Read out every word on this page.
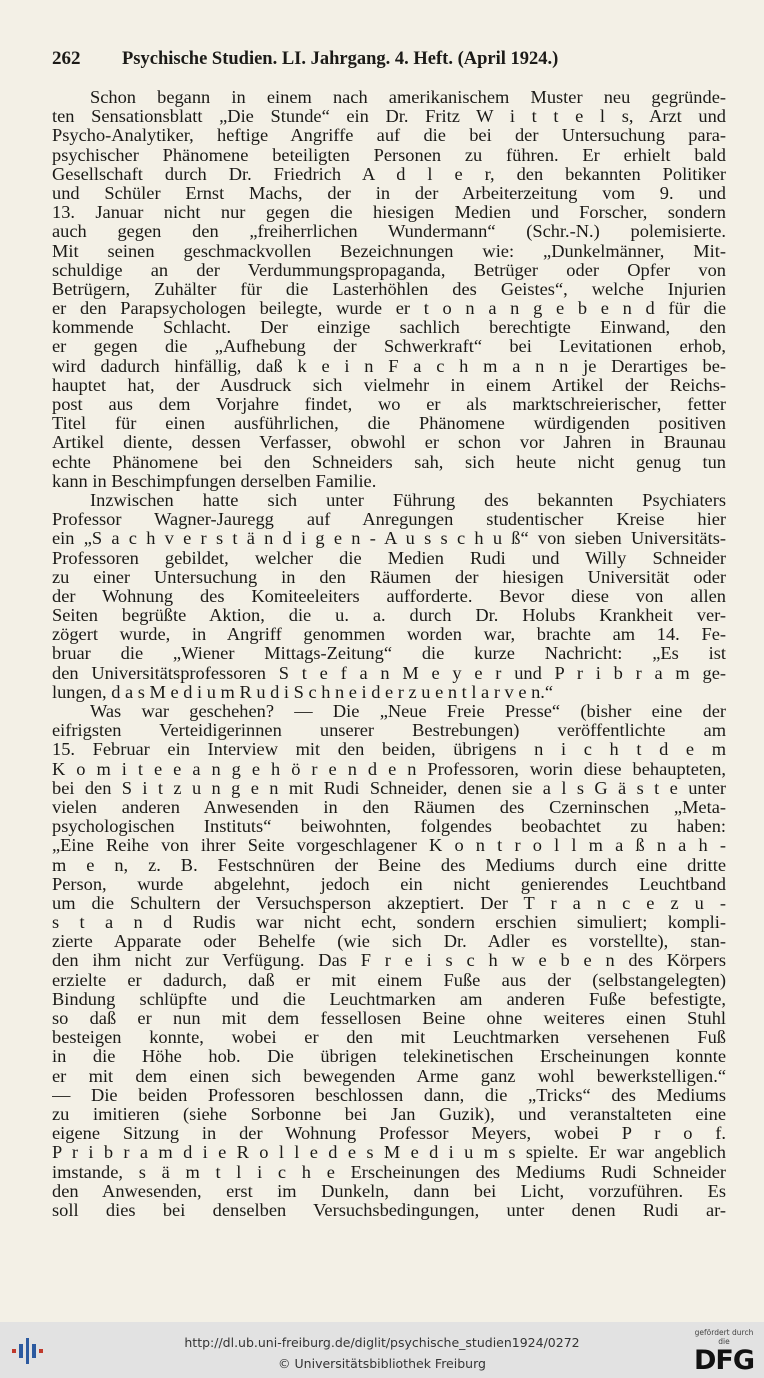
262	Psychische Studien. LI. Jahrgang. 4. Heft. (April 1924.)
Schon begann in einem nach amerikanischem Muster neu gegründe-
ten Sensationsblatt „Die Stunde“ ein Dr. Fritz W i t t e l s, Arzt und
Psycho-Analytiker, heftige Angriffe auf die bei der Untersuchung para-
psychischer Phänomene beteiligten Personen zu führen. Er erhielt bald
Gesellschaft durch Dr. Friedrich A d l e r, den bekannten Politiker
und Schüler Ernst Machs, der in der Arbeiterzeitung vom 9. und
13. Januar nicht nur gegen die hiesigen Medien und Forscher, sondern
auch gegen den „freiherrlichen Wundermann“ (Schr.-N.) polemisierte.
Mit seinen geschmackvollen Bezeichnungen wie: „Dunkelmänner, Mit-
schuldige an der Verdummungspropaganda, Betrüger oder Opfer von
Betrügern, Zuhälter für die Lasterhöhlen des Geistes“, welche Injurien
er den Parapsychologen beilegte, wurde er t o n a n g e b e n d für die
kommende Schlacht. Der einzige sachlich berechtigte Einwand, den
er gegen die „Aufhebung der Schwerkraft“ bei Levitationen erhob,
wird dadurch hinfällig, daß k e i n F a c h m a n n je Derartiges be-
hauptet hat, der Ausdruck sich vielmehr in einem Artikel der Reichs-
post aus dem Vorjahre findet, wo er als marktschreierischer, fetter
Titel für einen ausführlichen, die Phänomene würdigenden positiven
Artikel diente, dessen Verfasser, obwohl er schon vor Jahren in Braunau
echte Phänomene bei den Schneiders sah, sich heute nicht genug tun
kann in Beschimpfungen derselben Familie.
Inzwischen hatte sich unter Führung des bekannten Psychiaters
Professor Wagner-Jauregg auf Anregungen studentischer Kreise hier
ein „S a c h v e r s t ä n d i g e n - A u s s c h u ß“ von sieben Universitäts-
Professoren gebildet, welcher die Medien Rudi und Willy Schneider
zu einer Untersuchung in den Räumen der hiesigen Universität oder
der Wohnung des Komiteeleiters aufforderte. Bevor diese von allen
Seiten begrüßte Aktion, die u. a. durch Dr. Holubs Krankheit ver-
zögert wurde, in Angriff genommen worden war, brachte am 14. Fe-
bruar die „Wiener Mittags-Zeitung“ die kurze Nachricht: „Es ist
den Universitätsprofessoren S t e f a n M e y e r und P r i b r a m ge-
lungen, d a s M e d i u m R u d i S c h n e i d e r z u e n t l a r v e n.“
Was war geschehen? — Die „Neue Freie Presse“ (bisher eine der
eifrigsten Verteidigerinnen unserer Bestrebungen) veröffentlichte am
15. Februar ein Interview mit den beiden, übrigens n i c h t d e m
K o m i t e e a n g e h ö r e n d e n Professoren, worin diese behaupteten,
bei den S i t z u n g e n mit Rudi Schneider, denen sie a l s G ä s t e unter
vielen anderen Anwesenden in den Räumen des Czerninschen „Meta-
psychologischen Instituts“ beiwohnten, folgendes beobachtet zu haben:
„Eine Reihe von ihrer Seite vorgeschlagener K o n t r o l l m a ß n a h -
m e n, z. B. Festschnüren der Beine des Mediums durch eine dritte
Person, wurde abgelehnt, jedoch ein nicht genierendes Leuchtband
um die Schultern der Versuchsperson akzeptiert. Der T r a n c e z u -
s t a n d Rudis war nicht echt, sondern erschien simuliert; kompli-
zierte Apparate oder Behelfe (wie sich Dr. Adler es vorstellte), stan-
den ihm nicht zur Verfügung. Das F r e i s c h w e b e n des Körpers
erzielte er dadurch, daß er mit einem Fuße aus der (selbstangelegten)
Bindung schlüpfte und die Leuchtmarken am anderen Fuße befestigte,
so daß er nun mit dem fessellosen Beine ohne weiteres einen Stuhl
besteigen konnte, wobei er den mit Leuchtmarken versehenen Fuß
in die Höhe hob. Die übrigen telekinetischen Erscheinungen konnte
er mit dem einen sich bewegenden Arme ganz wohl bewerkstelligen.“
— Die beiden Professoren beschlossen dann, die „Tricks“ des Mediums
zu imitieren (siehe Sorbonne bei Jan Guzik), und veranstalteten eine
eigene Sitzung in der Wohnung Professor Meyers, wobei P r o f.
P r i b r a m d i e R o l l e d e s M e d i u m s spielte. Er war angeblich
imstande, s ä m t l i c h e Erscheinungen des Mediums Rudi Schneider
den Anwesenden, erst im Dunkeln, dann bei Licht, vorzuführen. Es
soll dies bei denselben Versuchsbedingungen, unter denen Rudi ar-
http://dl.ub.uni-freiburg.de/diglit/psychische_studien1924/0272
© Universitätsbibliothek Freiburg
gefördert durch die
DFG
